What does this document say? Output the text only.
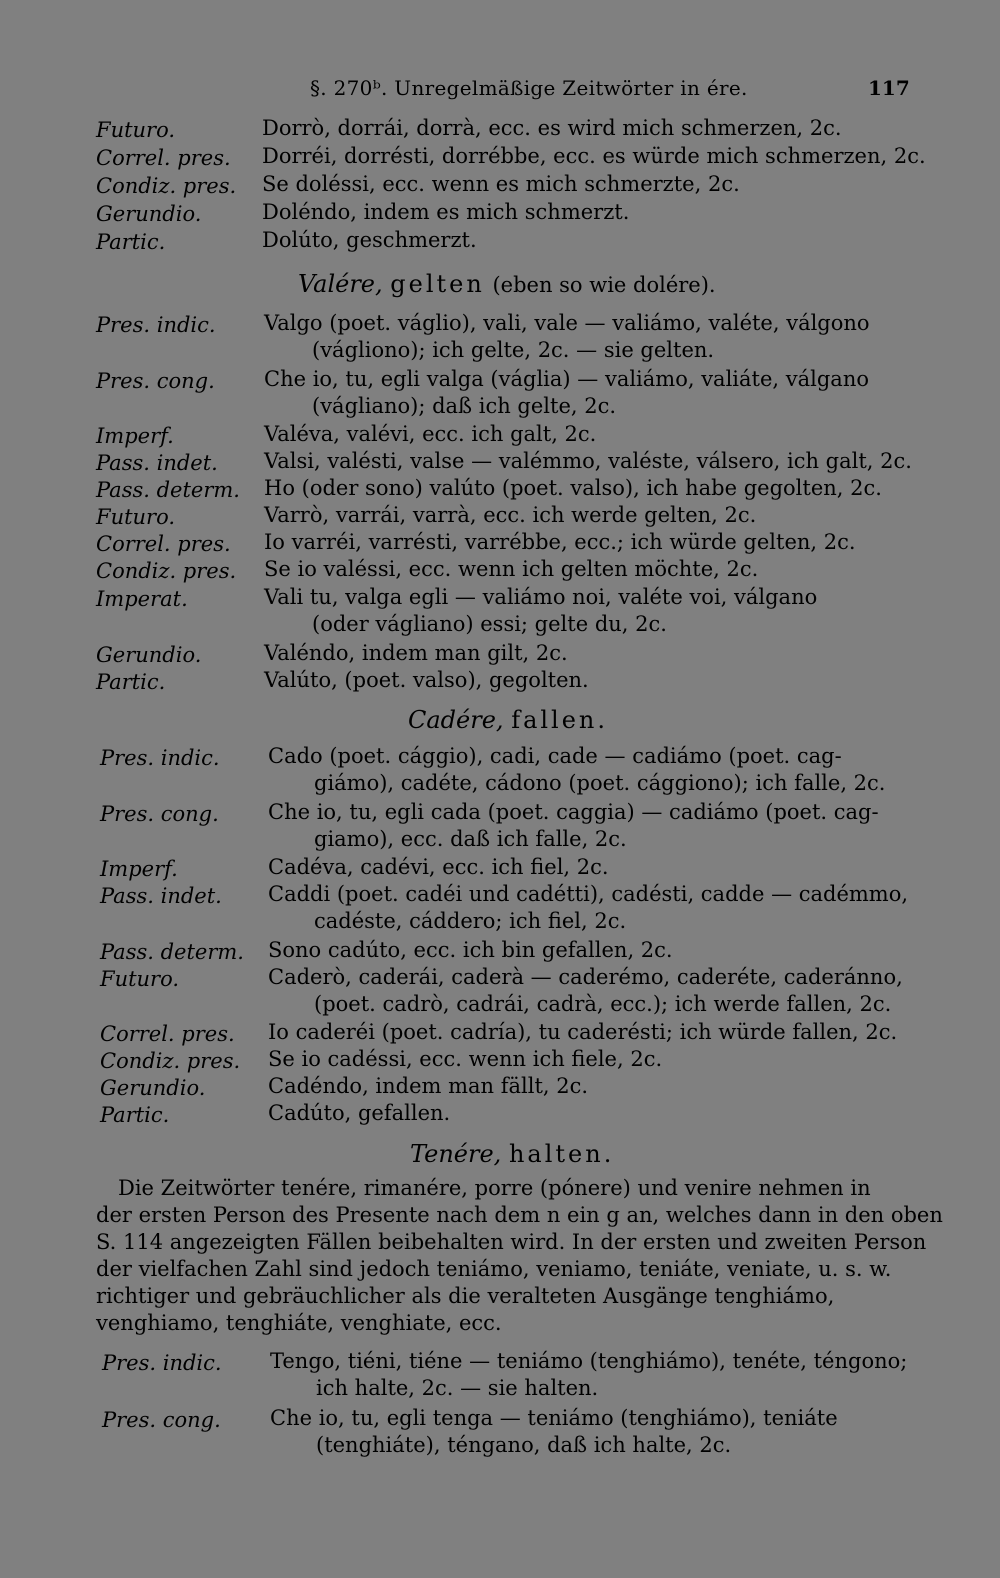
§. 270ᵇ. Unregelmäßige Zeitwörter in ére.	117
Futuro.	Dorrò, dorrái, dorrà, ecc. es wird mich schmerzen, 2c.
Correl. pres. Dorréi, dorrésti, dorrébbe, ecc. es würde mich schmerzen, 2c.
Condiz. pres. Se doléssi, ecc. wenn es mich schmerzte, 2c.
Gerundio.	Doléndo, indem es mich schmerzt.
Partic.	Dolúto, geschmerzt.
Valére, gelten (eben so wie dolére).
Pres. indic. Valgo (poet. váglio), vali, vale — valiámo, valéte, válgono
(vágliono); ich gelte, 2c. — sie gelten.
Pres. cong. Che io, tu, egli valga (váglia) — valiámo, valiáte, válgano
(vágliano); daß ich gelte, 2c.
Imperf.	Valéva, valévi, ecc. ich galt, 2c.
Pass. indet. Valsi, valésti, valse — valémmo, valéste, válsero, ich galt, 2c.
Pass. determ. Ho (oder sono) valúto (poet. valso), ich habe gegolten, 2c.
Futuro.	Varrò, varrái, varrà, ecc. ich werde gelten, 2c.
Correl. pres. Io varréi, varrésti, varrébbe, ecc.; ich würde gelten, 2c.
Condiz. pres. Se io valéssi, ecc. wenn ich gelten möchte, 2c.
Imperat.	Vali tu, valga egli — valiámo noi, valéte voi, válgano
(oder vágliano) essi; gelte du, 2c.
Gerundio.	Valéndo, indem man gilt, 2c.
Partic.	Valúto, (poet. valso), gegolten.
Cadére, fallen.
Pres. indic. Cado (poet. cággio), cadi, cade — cadiámo (poet. cag-
giámo), cadéte, cádono (poet. cággiono); ich falle, 2c.
Pres. cong. Che io, tu, egli cada (poet. caggia) — cadiámo (poet. cag-
giamo), ecc. daß ich falle, 2c.
Imperf.	Cadéva, cadévi, ecc. ich fiel, 2c.
Pass. indet. Caddi (poet. cadéi und cadétti), cadésti, cadde — cadémmo,
cadéste, cáddero; ich fiel, 2c.
Pass. determ. Sono cadúto, ecc. ich bin gefallen, 2c.
Futuro.	Caderò, caderái, caderà — caderémo, caderéte, caderánno,
(poet. cadrò, cadrái, cadrà, ecc.); ich werde fallen, 2c.
Correl. pres. Io caderéi (poet. cadría), tu caderésti; ich würde fallen, 2c.
Condiz. pres. Se io cadéssi, ecc. wenn ich fiele, 2c.
Gerundio.	Cadéndo, indem man fällt, 2c.
Partic.	Cadúto, gefallen.
Tenére, halten.
Die Zeitwörter tenére, rimanére, porre (pónere) und venire nehmen in
der ersten Person des Presente nach dem n ein g an, welches dann in den oben
S. 114 angezeigten Fällen beibehalten wird. In der ersten und zweiten Person
der vielfachen Zahl sind jedoch teniámo, veniamo, teniáte, veniate, u. s. w.
richtiger und gebräuchlicher als die veralteten Ausgänge tenghiámo,
venghiamo, tenghiáte, venghiate, ecc.
Pres. indic. Tengo, tiéni, tiéne — teniámo (tenghiámo), tenéte, téngono;
ich halte, 2c. — sie halten.
Pres. cong. Che io, tu, egli tenga — teniámo (tenghiámo), teniáte
(tenghiáte), téngano, daß ich halte, 2c.
